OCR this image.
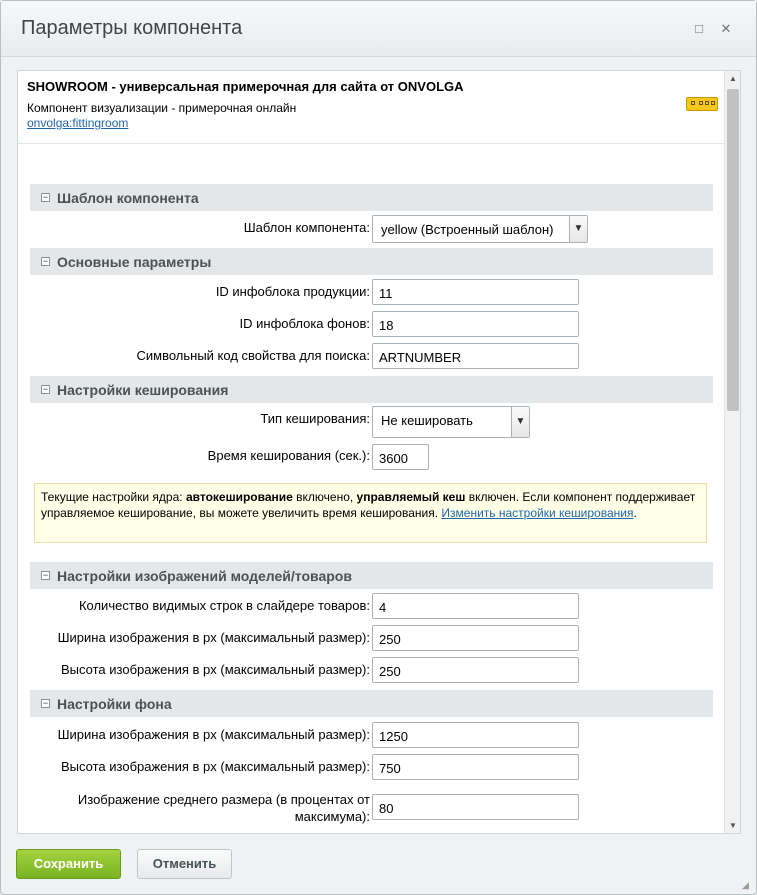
Параметры компонента	□	✕
SHOWROOM - универсальная примерочная для сайта от ONVOLGA
Компонент визуализации - примерочная онлайн
onvolga:fittingroom
− Шаблон компонента
Шаблон компонента: yellow (Встроенный шаблон)	▼
− Основные параметры
ID инфоблока продукции: 11
ID инфоблока фонов: 18
Символьный код свойства для поиска: ARTNUMBER
− Настройки кеширования
Тип кеширования: Не кешировать	▼
Время кеширования (сек.): 3600
Текущие настройки ядра: автокеширование включено, управляемый кеш включен. Если компонент поддерживает управляемое кеширование, вы можете увеличить время кеширования. Изменить настройки кеширования.
− Настройки изображений моделей/товаров
Количество видимых строк в слайдере товаров: 4
Ширина изображения в px (максимальный размер): 250
Высота изображения в px (максимальный размер): 250
− Настройки фона
Ширина изображения в px (максимальный размер): 1250
Высота изображения в px (максимальный размер): 750
Изображение среднего размера (в процентах от
максимума):
80
▲
▼
Сохранить	Отменить
◢
